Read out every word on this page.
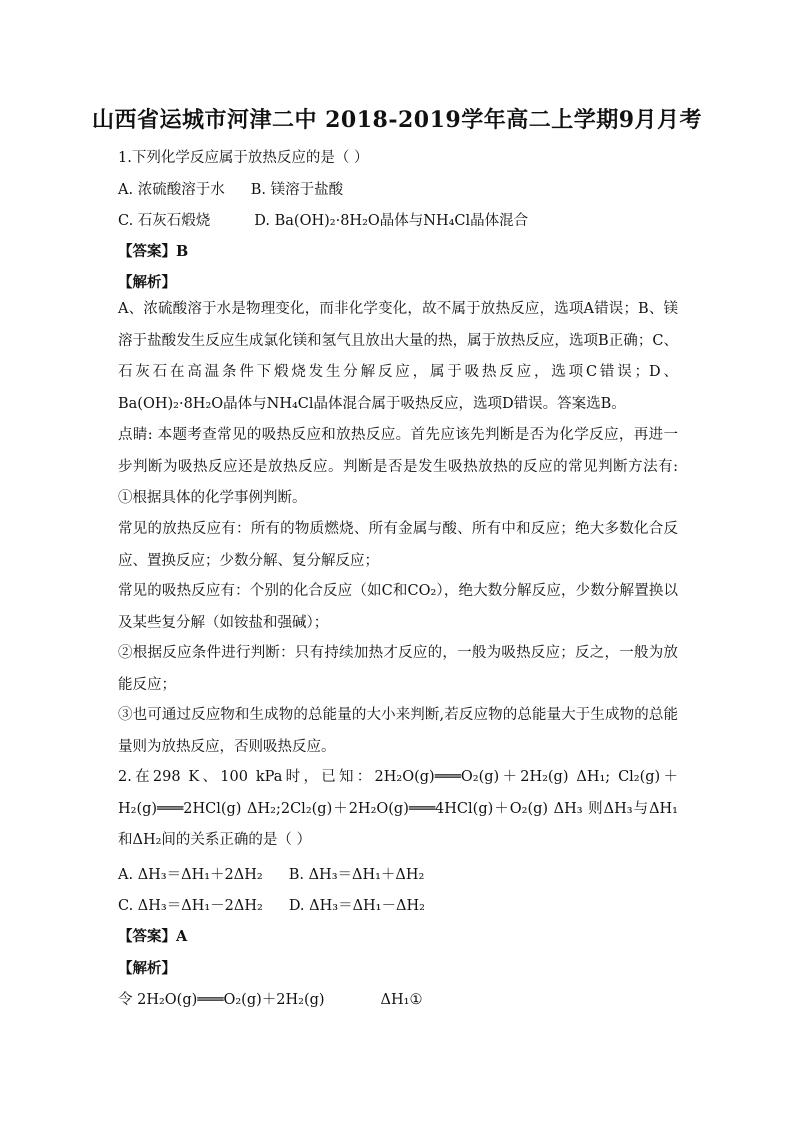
山西省运城市河津二中 2018-2019学年高二上学期9月月考
1.下列化学反应属于放热反应的是（ ）
A. 浓硫酸溶于水 B. 镁溶于盐酸
C. 石灰石煅烧	D. Ba(OH)₂·8H₂O晶体与NH₄Cl晶体混合
【答案】B
【解析】
A、浓硫酸溶于水是物理变化，而非化学变化，故不属于放热反应，选项A错误；B、镁溶于盐酸发生反应生成氯化镁和氢气且放出大量的热，属于放热反应，选项B正确；C、石灰石在高温条件下煅烧发生分解反应，属于吸热反应，选项C错误；D、Ba(OH)₂·8H₂O晶体与NH₄Cl晶体混合属于吸热反应，选项D错误。答案选B。
点睛: 本题考查常见的吸热反应和放热反应。首先应该先判断是否为化学反应，再进一步判断为吸热反应还是放热反应。判断是否是发生吸热放热的反应的常见判断方法有: ①根据具体的化学事例判断。
常见的放热反应有：所有的物质燃烧、所有金属与酸、所有中和反应；绝大多数化合反应、置换反应；少数分解、复分解反应；
常见的吸热反应有：个别的化合反应（如C和CO₂），绝大数分解反应，少数分解置换以及某些复分解（如铵盐和强碱）；
②根据反应条件进行判断：只有持续加热才反应的，一般为吸热反应；反之，一般为放能反应；
③也可通过反应物和生成物的总能量的大小来判断,若反应物的总能量大于生成物的总能量则为放热反应，否则吸热反应。
2.在298 K、100 kPa时，已知：2H₂O(g)═══O₂(g)＋2H₂(g) ΔH₁; Cl₂(g)＋H₂(g)═══2HCl(g) ΔH₂;2Cl₂(g)＋2H₂O(g)═══4HCl(g)＋O₂(g) ΔH₃ 则ΔH₃与ΔH₁和ΔH₂间的关系正确的是（ ）
A. ΔH₃＝ΔH₁＋2ΔH₂ B. ΔH₃＝ΔH₁＋ΔH₂
C. ΔH₃＝ΔH₁－2ΔH₂ D. ΔH₃＝ΔH₁－ΔH₂
【答案】A
【解析】
令 2H₂O(g)═══O₂(g)＋2H₂(g)	ΔH₁①
